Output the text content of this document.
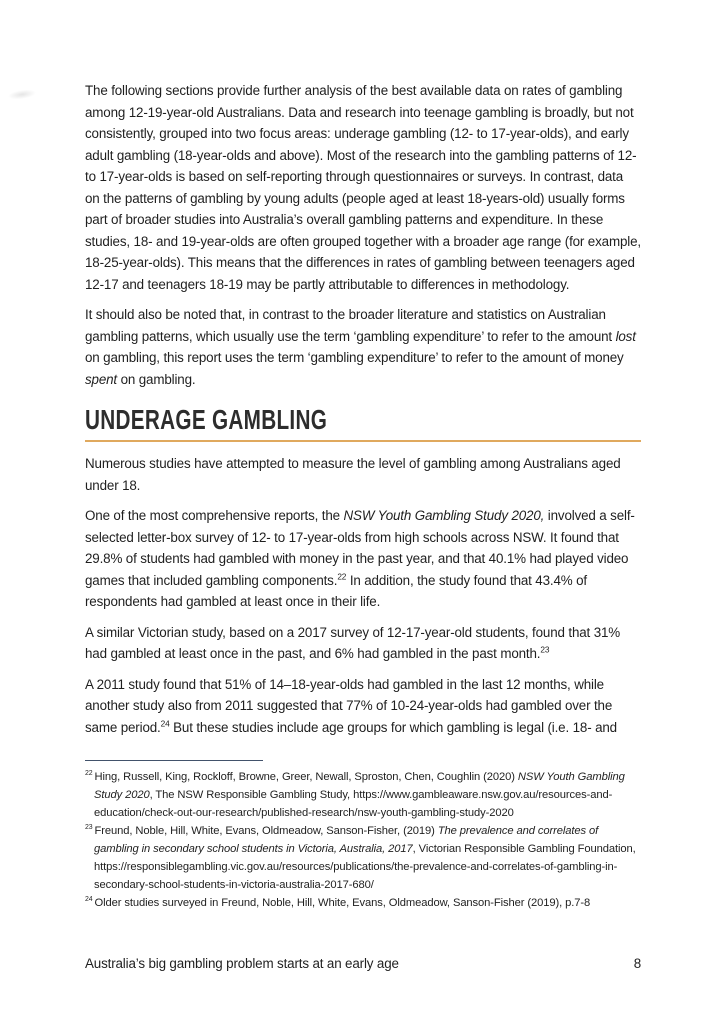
The following sections provide further analysis of the best available data on rates of gambling among 12-19-year-old Australians. Data and research into teenage gambling is broadly, but not consistently, grouped into two focus areas: underage gambling (12- to 17-year-olds), and early adult gambling (18-year-olds and above). Most of the research into the gambling patterns of 12- to 17-year-olds is based on self-reporting through questionnaires or surveys. In contrast, data on the patterns of gambling by young adults (people aged at least 18-years-old) usually forms part of broader studies into Australia’s overall gambling patterns and expenditure. In these studies, 18- and 19-year-olds are often grouped together with a broader age range (for example, 18-25-year-olds). This means that the differences in rates of gambling between teenagers aged 12-17 and teenagers 18-19 may be partly attributable to differences in methodology.

It should also be noted that, in contrast to the broader literature and statistics on Australian gambling patterns, which usually use the term ‘gambling expenditure’ to refer to the amount lost on gambling, this report uses the term ‘gambling expenditure’ to refer to the amount of money spent on gambling.

UNDERAGE GAMBLING

Numerous studies have attempted to measure the level of gambling among Australians aged under 18.

One of the most comprehensive reports, the NSW Youth Gambling Study 2020, involved a self-selected letter-box survey of 12- to 17-year-olds from high schools across NSW. It found that 29.8% of students had gambled with money in the past year, and that 40.1% had played video games that included gambling components.$^{22}$ In addition, the study found that 43.4% of respondents had gambled at least once in their life.

A similar Victorian study, based on a 2017 survey of 12-17-year-old students, found that 31% had gambled at least once in the past, and 6% had gambled in the past month.$^{23}$

A 2011 study found that 51% of 14–18-year-olds had gambled in the last 12 months, while another study also from 2011 suggested that 77% of 10-24-year-olds had gambled over the same period.$^{24}$ But these studies include age groups for which gambling is legal (i.e. 18- and

$^{22}$ Hing, Russell, King, Rockloff, Browne, Greer, Newall, Sproston, Chen, Coughlin (2020) NSW Youth Gambling Study 2020, The NSW Responsible Gambling Study, https://www.gambleaware.nsw.gov.au/resources-and-education/check-out-our-research/published-research/nsw-youth-gambling-study-2020

$^{23}$ Freund, Noble, Hill, White, Evans, Oldmeadow, Sanson-Fisher, (2019) The prevalence and correlates of gambling in secondary school students in Victoria, Australia, 2017, Victorian Responsible Gambling Foundation, https://responsiblegambling.vic.gov.au/resources/publications/the-prevalence-and-correlates-of-gambling-in-secondary-school-students-in-victoria-australia-2017-680/

$^{24}$ Older studies surveyed in Freund, Noble, Hill, White, Evans, Oldmeadow, Sanson-Fisher (2019), p.7-8

Australia’s big gambling problem starts at an early age	8
